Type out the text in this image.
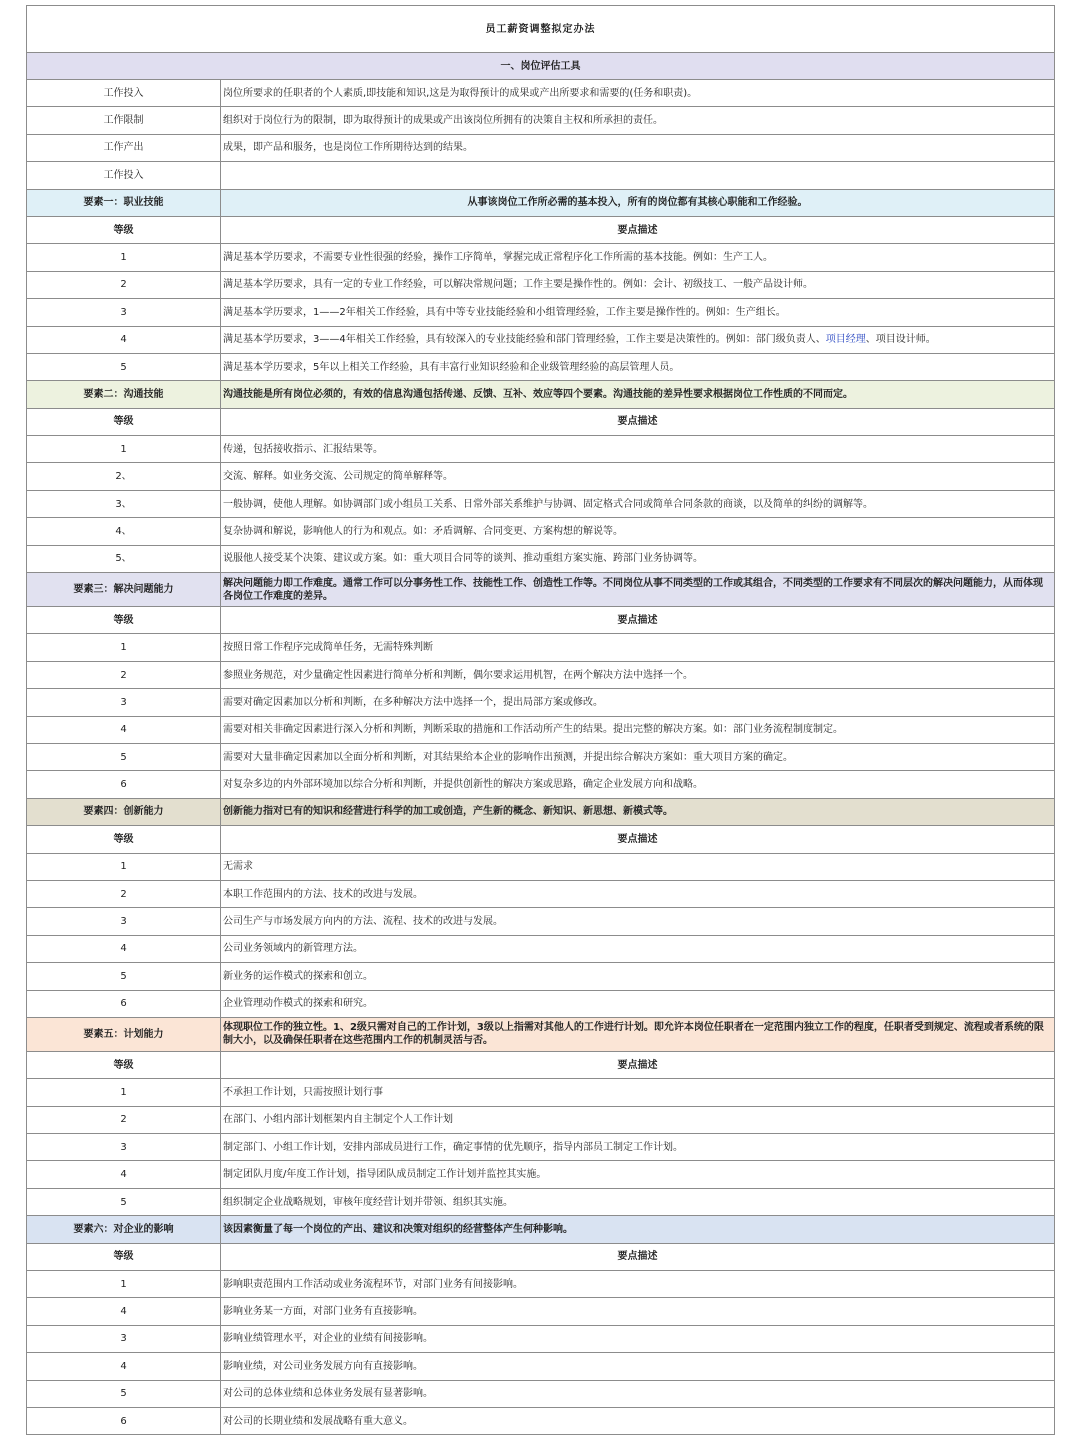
员工薪资调整拟定办法	
一、岗位评估工具	
工作投入	岗位所要求的任职者的个人素质,即技能和知识,这是为取得预计的成果或产出所要求和需要的(任务和职责)。
工作限制	组织对于岗位行为的限制，即为取得预计的成果或产出该岗位所拥有的决策自主权和所承担的责任。
工作产出	成果，即产品和服务，也是岗位工作所期待达到的结果。
工作投入	
要素一：职业技能	从事该岗位工作所必需的基本投入，所有的岗位都有其核心职能和工作经验。
等级	要点描述
1	满足基本学历要求，不需要专业性很强的经验，操作工序简单，掌握完成正常程序化工作所需的基本技能。例如：生产工人。
2	满足基本学历要求，具有一定的专业工作经验，可以解决常规问题；工作主要是操作性的。例如：会计、初级技工、一般产品设计师。
3	满足基本学历要求，1——2年相关工作经验，具有中等专业技能经验和小组管理经验，工作主要是操作性的。例如：生产组长。
4	满足基本学历要求，3——4年相关工作经验，具有较深入的专业技能经验和部门管理经验，工作主要是决策性的。例如：部门级负责人、项目经理、项目设计师。
5	满足基本学历要求，5年以上相关工作经验，具有丰富行业知识经验和企业级管理经验的高层管理人员。
要素二：沟通技能	沟通技能是所有岗位必须的，有效的信息沟通包括传递、反馈、互补、效应等四个要素。沟通技能的差异性要求根据岗位工作性质的不同而定。
等级	要点描述
1	传递，包括接收指示、汇报结果等。
2、	交流、解释。如业务交流、公司规定的简单解释等。
3、	一般协调，使他人理解。如协调部门或小组员工关系、日常外部关系维护与协调、固定格式合同或简单合同条款的商谈，以及简单的纠纷的调解等。
4、	复杂协调和解说，影响他人的行为和观点。如：矛盾调解、合同变更、方案构想的解说等。
5、	说服他人接受某个决策、建议或方案。如：重大项目合同等的谈判、推动重组方案实施、跨部门业务协调等。
要素三：解决问题能力	解决问题能力即工作难度。通常工作可以分事务性工作、技能性工作、创造性工作等。不同岗位从事不同类型的工作或其组合，不同类型的工作要求有不同层次的解决问题能力，从而体现各岗位工作难度的差异。
等级	要点描述
1	按照日常工作程序完成简单任务，无需特殊判断
2	参照业务规范，对少量确定性因素进行简单分析和判断，偶尔要求运用机智，在两个解决方法中选择一个。
3	需要对确定因素加以分析和判断，在多种解决方法中选择一个，提出局部方案或修改。
4	需要对相关非确定因素进行深入分析和判断，判断采取的措施和工作活动所产生的结果。提出完整的解决方案。如：部门业务流程制度制定。
5	需要对大量非确定因素加以全面分析和判断，对其结果给本企业的影响作出预测，并提出综合解决方案如：重大项目方案的确定。
6	对复杂多边的内外部环境加以综合分析和判断，并提供创新性的解决方案或思路，确定企业发展方向和战略。
要素四：创新能力	创新能力指对已有的知识和经营进行科学的加工或创造，产生新的概念、新知识、新思想、新模式等。
等级	要点描述
1	无需求
2	本职工作范围内的方法、技术的改进与发展。
3	公司生产与市场发展方向内的方法、流程、技术的改进与发展。
4	公司业务领域内的新管理方法。
5	新业务的运作模式的探索和创立。
6	企业管理动作模式的探索和研究。
要素五：计划能力	体现职位工作的独立性。1、2级只需对自己的工作计划，3级以上指需对其他人的工作进行计划。即允许本岗位任职者在一定范围内独立工作的程度，任职者受到规定、流程或者系统的限制大小，以及确保任职者在这些范围内工作的机制灵活与否。
等级	要点描述
1	不承担工作计划，只需按照计划行事
2	在部门、小组内部计划框架内自主制定个人工作计划
3	制定部门、小组工作计划，安排内部成员进行工作，确定事情的优先顺序，指导内部员工制定工作计划。
4	制定团队月度/年度工作计划，指导团队成员制定工作计划并监控其实施。
5	组织制定企业战略规划，审核年度经营计划并带领、组织其实施。
要素六：对企业的影响	该因素衡量了每一个岗位的产出、建议和决策对组织的经营整体产生何种影响。
等级	要点描述
1	影响职责范围内工作活动或业务流程环节，对部门业务有间接影响。
4	影响业务某一方面，对部门业务有直接影响。
3	影响业绩管理水平，对企业的业绩有间接影响。
4	影响业绩，对公司业务发展方向有直接影响。
5	对公司的总体业绩和总体业务发展有显著影响。
6	对公司的长期业绩和发展战略有重大意义。
